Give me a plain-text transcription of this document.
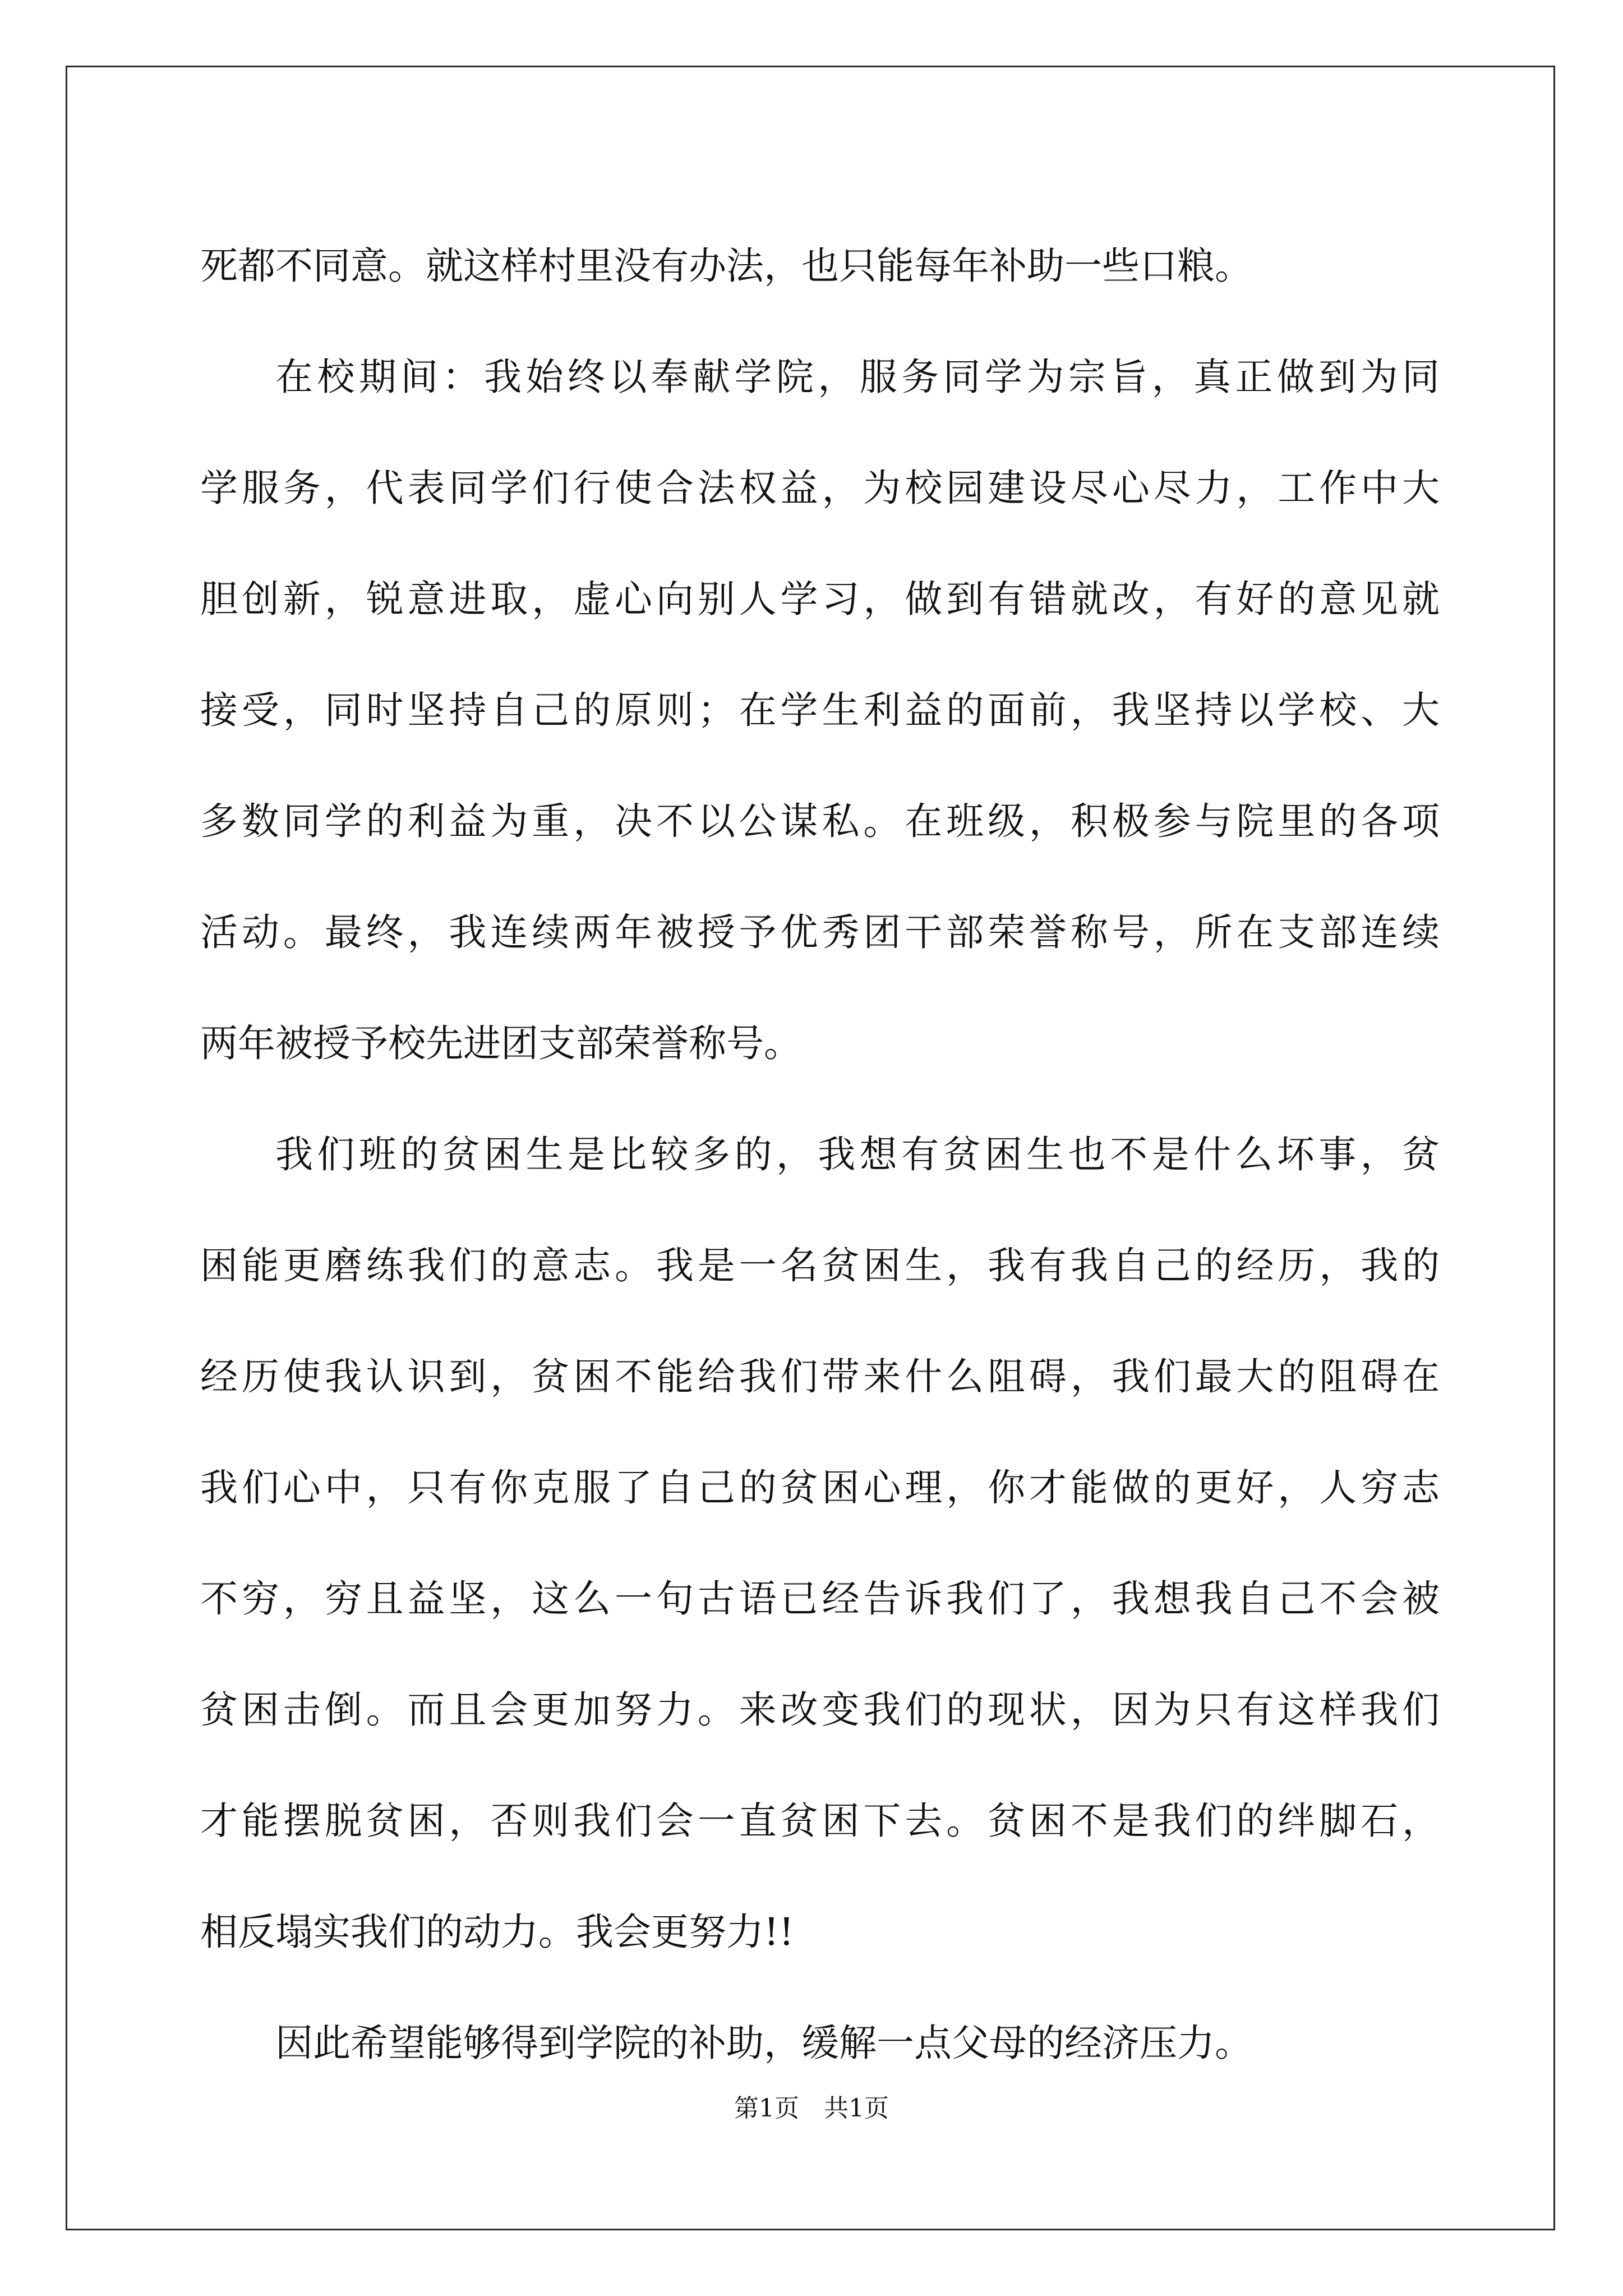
死都不同意。就这样村里没有办法，也只能每年补助一些口粮。
在校期间：我始终以奉献学院，服务同学为宗旨，真正做到为同
学服务，代表同学们行使合法权益，为校园建设尽心尽力，工作中大
胆创新，锐意进取，虚心向别人学习，做到有错就改，有好的意见就
接受，同时坚持自己的原则；在学生利益的面前，我坚持以学校、大
多数同学的利益为重，决不以公谋私。在班级，积极参与院里的各项
活动。最终，我连续两年被授予优秀团干部荣誉称号，所在支部连续
两年被授予校先进团支部荣誉称号。
我们班的贫困生是比较多的，我想有贫困生也不是什么坏事，贫
困能更磨练我们的意志。我是一名贫困生，我有我自己的经历，我的
经历使我认识到，贫困不能给我们带来什么阻碍，我们最大的阻碍在
我们心中，只有你克服了自己的贫困心理，你才能做的更好，人穷志
不穷，穷且益坚，这么一句古语已经告诉我们了，我想我自己不会被
贫困击倒。而且会更加努力。来改变我们的现状，因为只有这样我们
才能摆脱贫困，否则我们会一直贫困下去。贫困不是我们的绊脚石，
相反塌实我们的动力。我会更努力!!
因此希望能够得到学院的补助，缓解一点父母的经济压力。
第1页　共1页
